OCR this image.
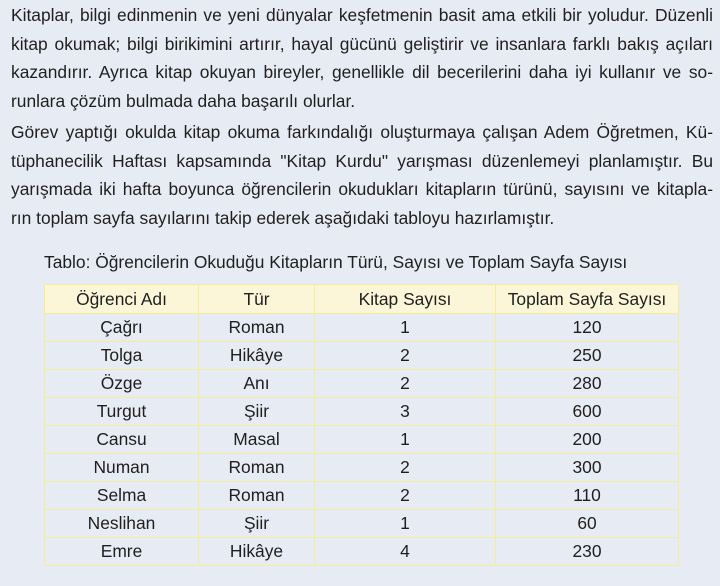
Kitaplar, bilgi edinmenin ve yeni dünyalar keşfetmenin basit ama etkili bir yoludur. Düzenli
kitap okumak; bilgi birikimini artırır, hayal gücünü geliştirir ve insanlara farklı bakış açıları
kazandırır. Ayrıca kitap okuyan bireyler, genellikle dil becerilerini daha iyi kullanır ve so-
runlara çözüm bulmada daha başarılı olurlar.
Görev yaptığı okulda kitap okuma farkındalığı oluşturmaya çalışan Adem Öğretmen, Kü-
tüphanecilik Haftası kapsamında "Kitap Kurdu" yarışması düzenlemeyi planlamıştır. Bu
yarışmada iki hafta boyunca öğrencilerin okudukları kitapların türünü, sayısını ve kitapla-
rın toplam sayfa sayılarını takip ederek aşağıdaki tabloyu hazırlamıştır.

Tablo: Öğrencilerin Okuduğu Kitapların Türü, Sayısı ve Toplam Sayfa Sayısı

Öğrenci Adı	Tür	Kitap Sayısı	Toplam Sayfa Sayısı
Çağrı	Roman	1	120
Tolga	Hikâye	2	250
Özge	Anı	2	280
Turgut	Şiir	3	600
Cansu	Masal	1	200
Numan	Roman	2	300
Selma	Roman	2	110
Neslihan	Şiir	1	60
Emre	Hikâye	4	230
